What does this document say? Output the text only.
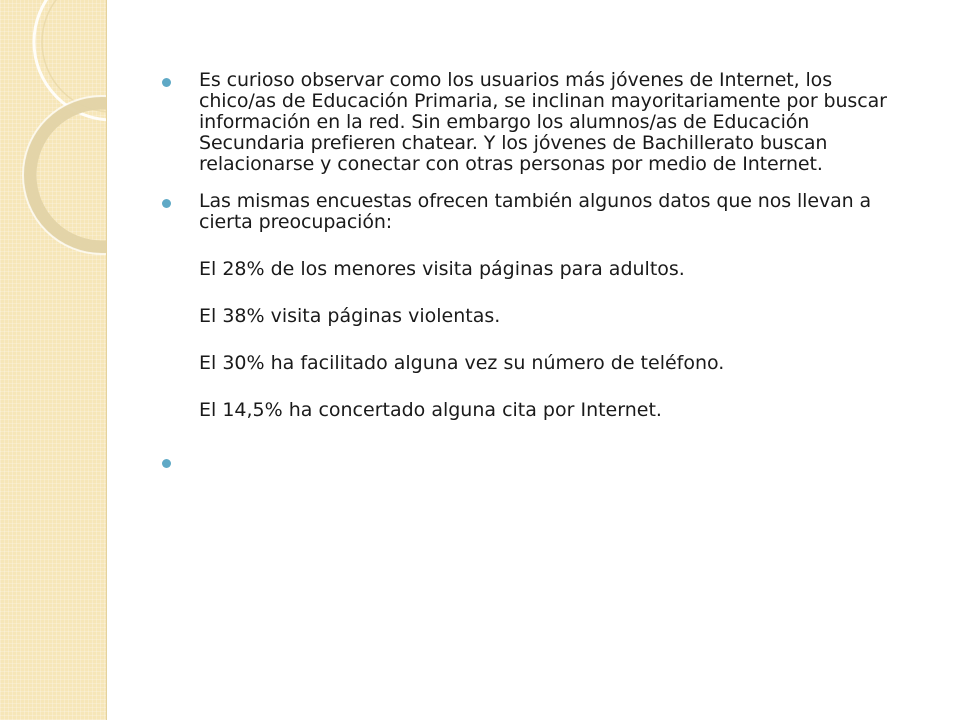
Es curioso observar como los usuarios más jóvenes de Internet, los chico/as de Educación Primaria, se inclinan mayoritariamente por buscar información en la red. Sin embargo los alumnos/as de Educación Secundaria prefieren chatear. Y los jóvenes de Bachillerato buscan relacionarse y conectar con otras personas por medio de Internet.
Las mismas encuestas ofrecen también algunos datos que nos llevan a cierta preocupación:
El 28% de los menores visita páginas para adultos.
El 38% visita páginas violentas.
El 30% ha facilitado alguna vez su número de teléfono.
El 14,5% ha concertado alguna cita por Internet.
